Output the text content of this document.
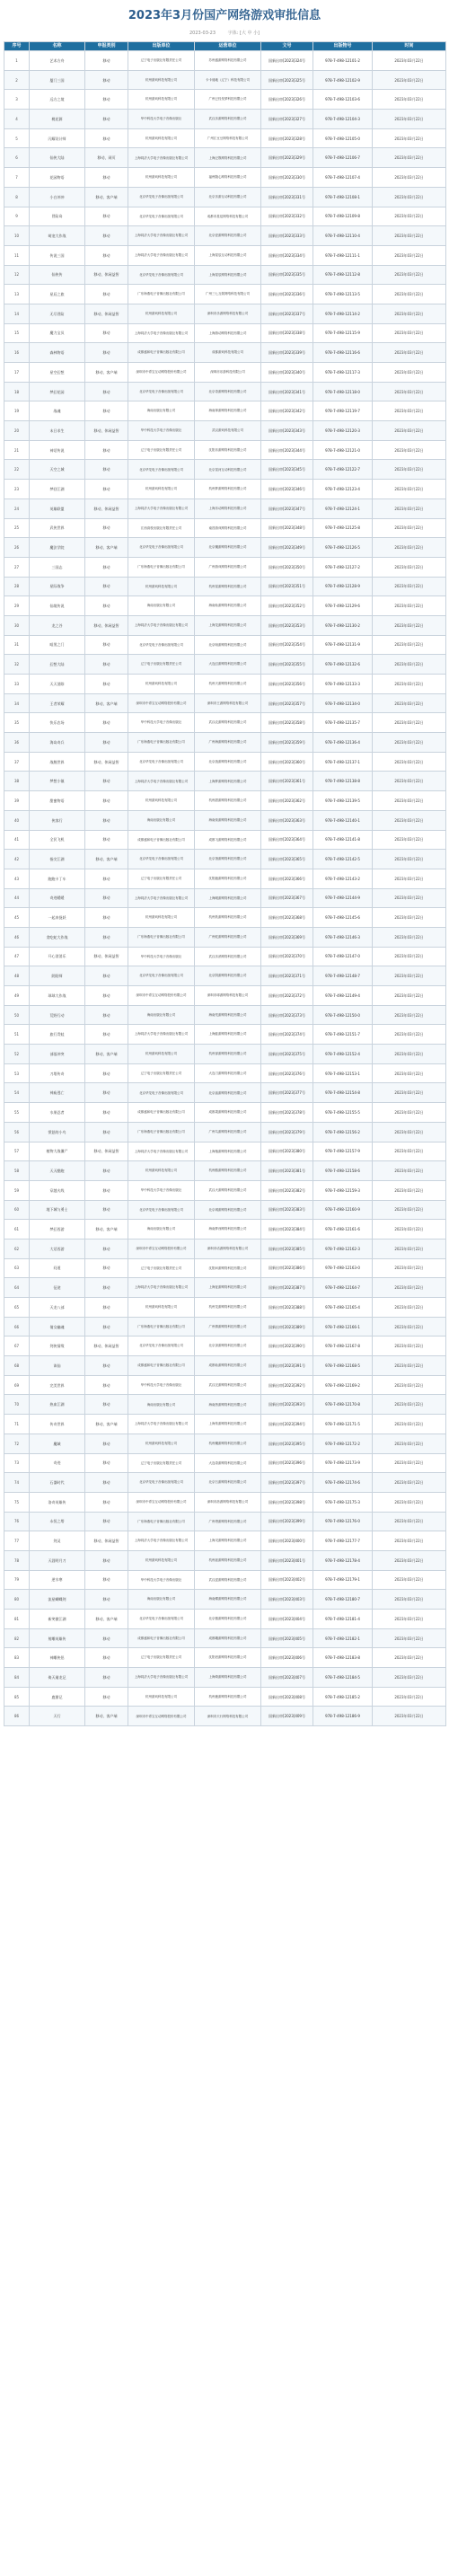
2023年3月份国产网络游戏审批信息
2023-03-23	字体: [大 中 小]
序号	名称	申报类别	出版单位	运营单位	文号	出版物号	时间
1	艺术方舟	移动	辽宁电子出版社有限责任公司	苏州盛游网络科技有限公司	国新出审[2023]324号	978-7-498-12101-2	2023年03月22日
2	厦门三国	移动	杭州游戏科技有限公司	卡卡迪地（辽宁）科技有限公司	国新出审[2023]325号	978-7-498-12102-9	2023年03月22日
3	远方之境	移动	杭州游戏科技有限公司	广州已经发梦科技有限公司	国新出审[2023]326号	978-7-498-12103-6	2023年03月22日
4	桃花源	移动	华中科技大学电子音像出版社	武汉乐游网络科技有限公司	国新出审[2023]327号	978-7-498-12104-3	2023年03月22日
5	闪耀设计师	移动	杭州游戏科技有限公司	广州江豆豆网络科技有限公司	国新出审[2023]328号	978-7-498-12105-0	2023年03月22日
6	仙侠大陆	移动、网页	上海同济大学电子音像出版社有限公司	上海泛娱网络科技有限公司	国新出审[2023]329号	978-7-498-12106-7	2023年03月22日
7	花园物语	移动	杭州游戏科技有限公司	福州随心网络科技有限公司	国新出审[2023]330号	978-7-498-12107-4	2023年03月22日
8	小白冲冲	移动、客户端	北京华龙电子音像出版有限公司	北京乐游互动科技有限公司	国新出审[2023]331号	978-7-498-12108-1	2023年03月22日
9	冒险岛	移动	北京华龙电子音像出版有限公司	成都市星辰网络科技有限公司	国新出审[2023]332号	978-7-498-12109-8	2023年03月22日
10	萌宠大作战	移动	上海同济大学电子音像出版社有限公司	北京爱游网络科技有限公司	国新出审[2023]333号	978-7-498-12110-4	2023年03月22日
11	传说三国	移动	上海同济大学电子音像出版社有限公司	上海星辰互动科技有限公司	国新出审[2023]334号	978-7-498-12111-1	2023年03月22日
12	仙侠传	移动、休闲益智	北京华龙电子音像出版有限公司	上海星辰网络科技有限公司	国新出审[2023]335号	978-7-498-12112-8	2023年03月22日
13	星辰之旅	移动	广东海燕电子音像出版社有限公司	广州三七互娱网络科技有限公司	国新出审[2023]336号	978-7-498-12113-5	2023年03月22日
14	无尽冒险	移动、休闲益智	杭州游戏科技有限公司	深圳市乐游网络科技有限公司	国新出审[2023]337号	978-7-498-12114-2	2023年03月22日
15	魔力宝贝	移动	上海同济大学电子音像出版社有限公司	上海游动网络科技有限公司	国新出审[2023]338号	978-7-498-12115-9	2023年03月22日
16	森林物语	移动	成都盛和电子音像出版社有限公司	成都游戏科技有限公司	国新出审[2023]339号	978-7-498-12116-6	2023年03月22日
17	星空幻想	移动、客户端	深圳市中青宝互动网络股份有限公司	深圳市乐游科技有限公司	国新出审[2023]340号	978-7-498-12117-3	2023年03月22日
18	梦幻花园	移动	北京华龙电子音像出版有限公司	北京奇游网络科技有限公司	国新出审[2023]341号	978-7-498-12118-0	2023年03月22日
19	战魂	移动	海南出版社有限公司	海南掌游网络科技有限公司	国新出审[2023]342号	978-7-498-12119-7	2023年03月22日
20	末日求生	移动、休闲益智	华中科技大学电子音像出版社	武汉游戏科技有限公司	国新出审[2023]343号	978-7-498-12120-3	2023年03月22日
21	神话传说	移动	辽宁电子出版社有限责任公司	沈阳乐游网络科技有限公司	国新出审[2023]344号	978-7-498-12121-0	2023年03月22日
22	天空之城	移动	北京华龙电子音像出版有限公司	北京星河互动科技有限公司	国新出审[2023]345号	978-7-498-12122-7	2023年03月22日
23	梦回江湖	移动	杭州游戏科技有限公司	杭州梦游网络科技有限公司	国新出审[2023]346号	978-7-498-12123-4	2023年03月22日
24	英雄联盟	移动、休闲益智	上海同济大学电子音像出版社有限公司	上海乐动网络科技有限公司	国新出审[2023]347号	978-7-498-12124-1	2023年03月22日
25	武侠世界	移动	江西高校出版社有限责任公司	南昌游戏网络科技有限公司	国新出审[2023]348号	978-7-498-12125-8	2023年03月22日
26	魔法学院	移动、客户端	北京华龙电子音像出版有限公司	北京魔游网络科技有限公司	国新出审[2023]349号	978-7-498-12126-5	2023年03月22日
27	三国志	移动	广东海燕电子音像出版社有限公司	广州游戏网络科技有限公司	国新出审[2023]350号	978-7-498-12127-2	2023年03月22日
28	星际战争	移动	杭州游戏科技有限公司	杭州星游网络科技有限公司	国新出审[2023]351号	978-7-498-12128-9	2023年03月22日
29	仙境传说	移动	海南出版社有限公司	海南仙游网络科技有限公司	国新出审[2023]352号	978-7-498-12129-6	2023年03月22日
30	龙之谷	移动、休闲益智	上海同济大学电子音像出版社有限公司	上海龙游网络科技有限公司	国新出审[2023]353号	978-7-498-12130-2	2023年03月22日
31	暗黑之门	移动	北京华龙电子音像出版有限公司	北京暗游网络科技有限公司	国新出审[2023]354号	978-7-498-12131-9	2023年03月22日
32	幻想大陆	移动	辽宁电子出版社有限责任公司	大连幻游网络科技有限公司	国新出审[2023]355号	978-7-498-12132-6	2023年03月22日
33	天天消除	移动	杭州游戏科技有限公司	杭州天游网络科技有限公司	国新出审[2023]356号	978-7-498-12133-3	2023年03月22日
34	王者荣耀	移动、客户端	深圳市中青宝互动网络股份有限公司	深圳市王游网络科技有限公司	国新出审[2023]357号	978-7-498-12134-0	2023年03月22日
35	快乐农场	移动	华中科技大学电子音像出版社	武汉农游网络科技有限公司	国新出审[2023]358号	978-7-498-12135-7	2023年03月22日
36	海岛奇兵	移动	广东海燕电子音像出版社有限公司	广州海游网络科技有限公司	国新出审[2023]359号	978-7-498-12136-4	2023年03月22日
37	战舰世界	移动、休闲益智	北京华龙电子音像出版有限公司	北京战游网络科技有限公司	国新出审[2023]360号	978-7-498-12137-1	2023年03月22日
38	梦想小镇	移动	上海同济大学电子音像出版社有限公司	上海梦游网络科技有限公司	国新出审[2023]361号	978-7-498-12138-8	2023年03月22日
39	甜蜜物语	移动	杭州游戏科技有限公司	杭州甜游网络科技有限公司	国新出审[2023]362号	978-7-498-12139-5	2023年03月22日
40	侠客行	移动	海南出版社有限公司	海南侠游网络科技有限公司	国新出审[2023]363号	978-7-498-12140-1	2023年03月22日
41	全民飞机	移动	成都盛和电子音像出版社有限公司	成都飞游网络科技有限公司	国新出审[2023]364号	978-7-498-12141-8	2023年03月22日
42	指尖江湖	移动、客户端	北京华龙电子音像出版有限公司	北京指游网络科技有限公司	国新出审[2023]365号	978-7-498-12142-5	2023年03月22日
43	跑跑卡丁车	移动	辽宁电子出版社有限责任公司	沈阳跑游网络科技有限公司	国新出审[2023]366号	978-7-498-12143-2	2023年03月22日
44	奇迹暖暖	移动	上海同济大学电子音像出版社有限公司	上海暖游网络科技有限公司	国新出审[2023]367号	978-7-498-12144-9	2023年03月22日
45	一起来捉妖	移动	杭州游戏科技有限公司	杭州妖游网络科技有限公司	国新出审[2023]368号	978-7-498-12145-6	2023年03月22日
46	贪吃蛇大作战	移动	广东海燕电子音像出版社有限公司	广州蛇游网络科技有限公司	国新出审[2023]369号	978-7-498-12146-3	2023年03月22日
47	开心消消乐	移动、休闲益智	华中科技大学电子音像出版社	武汉乐消网络科技有限公司	国新出审[2023]370号	978-7-498-12147-0	2023年03月22日
48	阴阳师	移动	北京华龙电子音像出版有限公司	北京阴游网络科技有限公司	国新出审[2023]371号	978-7-498-12148-7	2023年03月22日
49	球球大作战	移动	深圳市中青宝互动网络股份有限公司	深圳市球游网络科技有限公司	国新出审[2023]372号	978-7-498-12149-4	2023年03月22日
50	荒野行动	移动	海南出版社有限公司	海南荒游网络科技有限公司	国新出审[2023]373号	978-7-498-12150-0	2023年03月22日
51	旅行青蛙	移动	上海同济大学电子音像出版社有限公司	上海蛙游网络科技有限公司	国新出审[2023]374号	978-7-498-12151-7	2023年03月22日
52	部落冲突	移动、客户端	杭州游戏科技有限公司	杭州部游网络科技有限公司	国新出审[2023]375号	978-7-498-12152-4	2023年03月22日
53	刀塔传奇	移动	辽宁电子出版社有限责任公司	大连刀游网络科技有限公司	国新出审[2023]376号	978-7-498-12153-1	2023年03月22日
54	神庙逃亡	移动	北京华龙电子音像出版有限公司	北京庙游网络科技有限公司	国新出审[2023]377号	978-7-498-12154-8	2023年03月22日
55	水果忍者	移动	成都盛和电子音像出版社有限公司	成都果游网络科技有限公司	国新出审[2023]378号	978-7-498-12155-5	2023年03月22日
56	愤怒的小鸟	移动	广东海燕电子音像出版社有限公司	广州鸟游网络科技有限公司	国新出审[2023]379号	978-7-498-12156-2	2023年03月22日
57	植物大战僵尸	移动、休闲益智	上海同济大学电子音像出版社有限公司	上海植游网络科技有限公司	国新出审[2023]380号	978-7-498-12157-9	2023年03月22日
58	天天酷跑	移动	杭州游戏科技有限公司	杭州酷游网络科技有限公司	国新出审[2023]381号	978-7-498-12158-6	2023年03月22日
59	穿越火线	移动	华中科技大学电子音像出版社	武汉火游网络科技有限公司	国新出审[2023]382号	978-7-498-12159-3	2023年03月22日
60	地下城与勇士	移动	北京华龙电子音像出版有限公司	北京城游网络科技有限公司	国新出审[2023]383号	978-7-498-12160-9	2023年03月22日
61	梦幻西游	移动、客户端	海南出版社有限公司	海南梦西网络科技有限公司	国新出审[2023]384号	978-7-498-12161-6	2023年03月22日
62	大话西游	移动	深圳市中青宝互动网络股份有限公司	深圳市话游网络科技有限公司	国新出审[2023]385号	978-7-498-12162-3	2023年03月22日
63	问道	移动	辽宁电子出版社有限责任公司	沈阳问游网络科技有限公司	国新出审[2023]386号	978-7-498-12163-0	2023年03月22日
64	征途	移动	上海同济大学电子音像出版社有限公司	上海征游网络科技有限公司	国新出审[2023]387号	978-7-498-12164-7	2023年03月22日
65	天龙八部	移动	杭州游戏科技有限公司	杭州龙游网络科技有限公司	国新出审[2023]388号	978-7-498-12165-4	2023年03月22日
66	倩女幽魂	移动	广东海燕电子音像出版社有限公司	广州倩游网络科技有限公司	国新出审[2023]389号	978-7-498-12166-1	2023年03月22日
67	剑侠情缘	移动、休闲益智	北京华龙电子音像出版有限公司	北京剑游网络科技有限公司	国新出审[2023]390号	978-7-498-12167-8	2023年03月22日
68	诛仙	移动	成都盛和电子音像出版社有限公司	成都仙游网络科技有限公司	国新出审[2023]391号	978-7-498-12168-5	2023年03月22日
69	完美世界	移动	华中科技大学电子音像出版社	武汉完游网络科技有限公司	国新出审[2023]392号	978-7-498-12169-2	2023年03月22日
70	热血江湖	移动	海南出版社有限公司	海南热游网络科技有限公司	国新出审[2023]393号	978-7-498-12170-8	2023年03月22日
71	传奇世界	移动、客户端	上海同济大学电子音像出版社有限公司	上海传游网络科技有限公司	国新出审[2023]394号	978-7-498-12171-5	2023年03月22日
72	魔域	移动	杭州游戏科技有限公司	杭州魔游网络科技有限公司	国新出审[2023]395号	978-7-498-12172-2	2023年03月22日
73	奇迹	移动	辽宁电子出版社有限责任公司	大连奇游网络科技有限公司	国新出审[2023]396号	978-7-498-12173-9	2023年03月22日
74	石器时代	移动	北京华龙电子音像出版有限公司	北京石游网络科技有限公司	国新出审[2023]397号	978-7-498-12174-6	2023年03月22日
75	洛奇英雄传	移动	深圳市中青宝互动网络股份有限公司	深圳市洛游网络科技有限公司	国新出审[2023]398号	978-7-498-12175-3	2023年03月22日
76	永恒之塔	移动	广东海燕电子音像出版社有限公司	广州塔游网络科技有限公司	国新出审[2023]399号	978-7-498-12176-0	2023年03月22日
77	剑灵	移动、休闲益智	上海同济大学电子音像出版社有限公司	上海灵游网络科技有限公司	国新出审[2023]400号	978-7-498-12177-7	2023年03月22日
78	天涯明月刀	移动	杭州游戏科技有限公司	杭州涯游网络科技有限公司	国新出审[2023]401号	978-7-498-12178-4	2023年03月22日
79	逆水寒	移动	华中科技大学电子音像出版社	武汉逆游网络科技有限公司	国新出审[2023]402号	978-7-498-12179-1	2023年03月22日
80	流星蝴蝶剑	移动	海南出版社有限公司	海南蝶游网络科技有限公司	国新出审[2023]403号	978-7-498-12180-7	2023年03月22日
81	新笑傲江湖	移动、客户端	北京华龙电子音像出版有限公司	北京傲游网络科技有限公司	国新出审[2023]404号	978-7-498-12181-4	2023年03月22日
82	射雕英雄传	移动	成都盛和电子音像出版社有限公司	成都雕游网络科技有限公司	国新出审[2023]405号	978-7-498-12182-1	2023年03月22日
83	神雕侠侣	移动	辽宁电子出版社有限责任公司	沈阳侣游网络科技有限公司	国新出审[2023]406号	978-7-498-12183-8	2023年03月22日
84	倚天屠龙记	移动	上海同济大学电子音像出版社有限公司	上海倚游网络科技有限公司	国新出审[2023]407号	978-7-498-12184-5	2023年03月22日
85	鹿鼎记	移动	杭州游戏科技有限公司	杭州鹿游网络科技有限公司	国新出审[2023]408号	978-7-498-12185-2	2023年03月22日
86	天行	移动、客户端	深圳市中青宝互动网络股份有限公司	深圳市天行网络科技有限公司	国新出审[2023]409号	978-7-498-12186-9	2023年03月22日
